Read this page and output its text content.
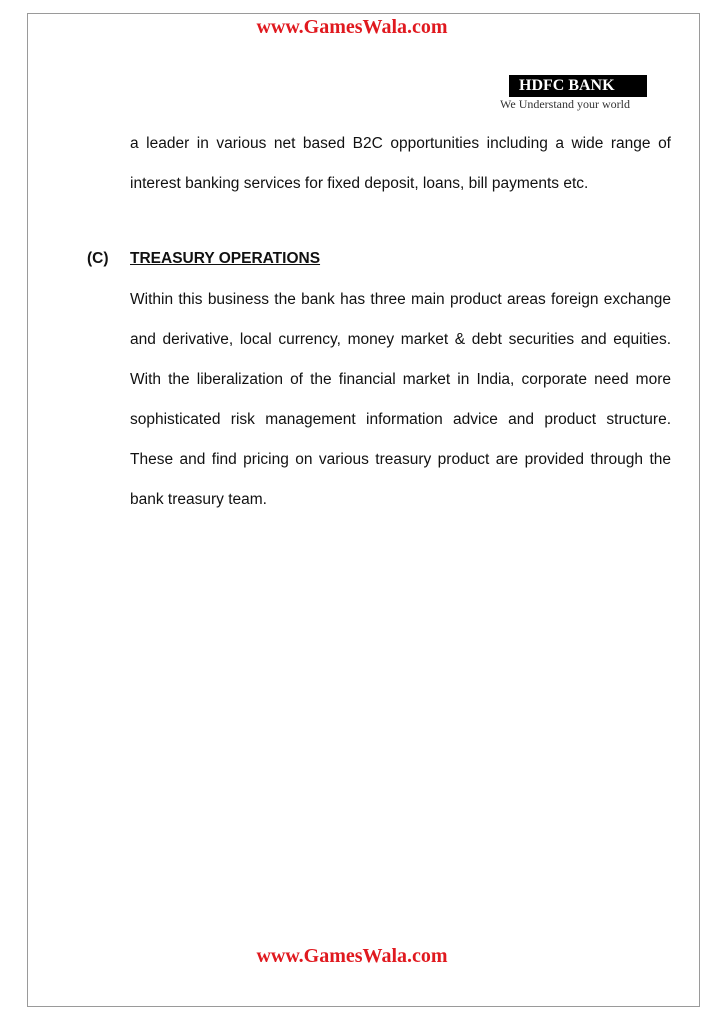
www.GamesWala.com
HDFC BANK
We Understand your world

a leader in various net based B2C opportunities including a wide range of interest banking services for fixed deposit, loans, bill payments etc.

(C) TREASURY OPERATIONS

Within this business the bank has three main product areas foreign exchange and derivative, local currency, money market & debt securities and equities. With the liberalization of the financial market in India, corporate need more sophisticated risk management information advice and product structure. These and find pricing on various treasury product are provided through the bank treasury team.

www.GamesWala.com
